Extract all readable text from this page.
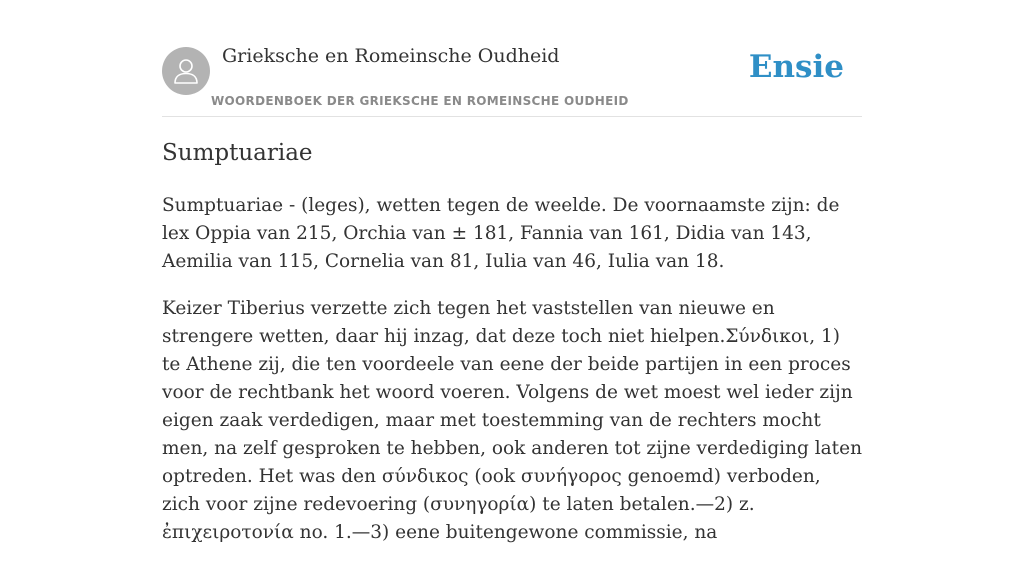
Grieksche en Romeinsche Oudheid
WOORDENBOEK DER GRIEKSCHE EN ROMEINSCHE OUDHEID
Ensie
Sumptuariae

Sumptuariae - (leges), wetten tegen de weelde. De voornaamste zijn: de lex Oppia van 215, Orchia van ± 181, Fannia van 161, Didia van 143, Aemilia van 115, Cornelia van 81, Iulia van 46, Iulia van 18.

Keizer Tiberius verzette zich tegen het vaststellen van nieuwe en strengere wetten, daar hij inzag, dat deze toch niet hielpen.Σύνδικοι, 1) te Athene zij, die ten voordeele van eene der beide partijen in een proces voor de rechtbank het woord voeren. Volgens de wet moest wel ieder zijn eigen zaak verdedigen, maar met toestemming van de rechters mocht men, na zelf gesproken te hebben, ook anderen tot zijne verdediging laten optreden. Het was den σύνδικος (ook συνήγορος genoemd) verboden, zich voor zijne redevoering (συνηγορία) te laten betalen.—2) z. ἐπιχειροτονία no. 1.—3) eene buitengewone commissie, na
